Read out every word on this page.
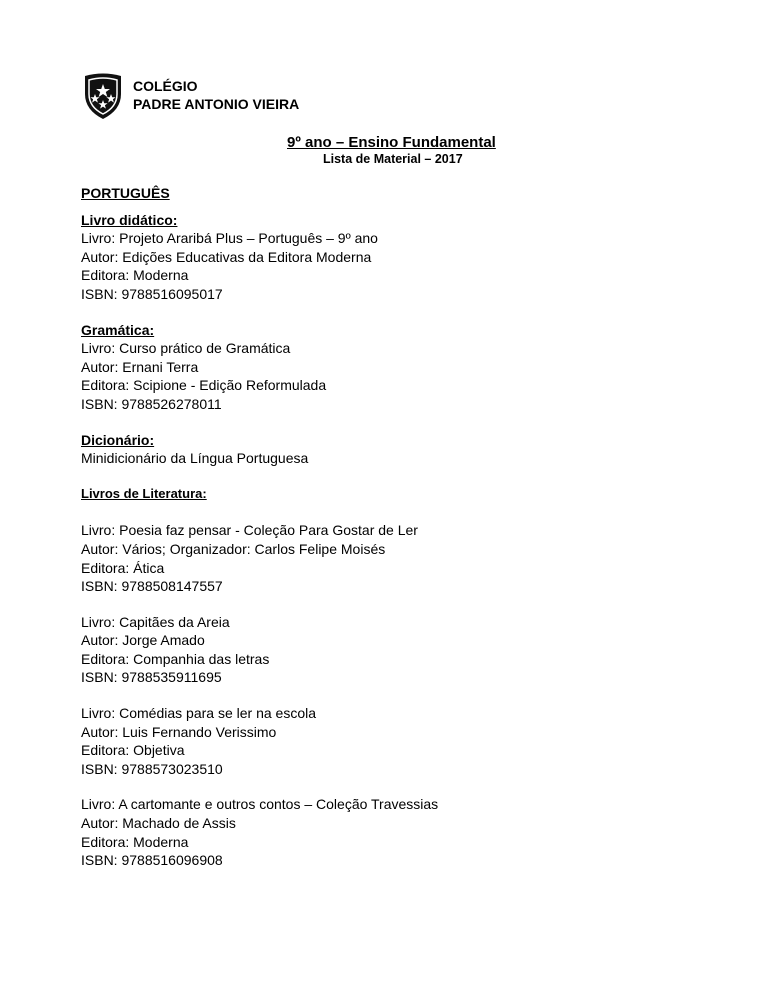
COLÉGIO
PADRE ANTONIO VIEIRA
9º ano – Ensino Fundamental
Lista de Material – 2017
PORTUGUÊS
Livro didático:
Livro: Projeto Araribá Plus – Português – 9º ano
Autor: Edições Educativas da Editora Moderna
Editora: Moderna
ISBN: 9788516095017
Gramática:
Livro: Curso prático de Gramática
Autor: Ernani Terra
Editora: Scipione - Edição Reformulada
ISBN: 9788526278011
Dicionário:
Minidicionário da Língua Portuguesa
Livros de Literatura:
Livro: Poesia faz pensar - Coleção Para Gostar de Ler
Autor: Vários; Organizador: Carlos Felipe Moisés
Editora: Ática
ISBN: 9788508147557
Livro: Capitães da Areia
Autor: Jorge Amado
Editora: Companhia das letras
ISBN: 9788535911695
Livro: Comédias para se ler na escola
Autor: Luis Fernando Verissimo
Editora: Objetiva
ISBN: 9788573023510
Livro: A cartomante e outros contos – Coleção Travessias
Autor: Machado de Assis
Editora: Moderna
ISBN: 9788516096908
